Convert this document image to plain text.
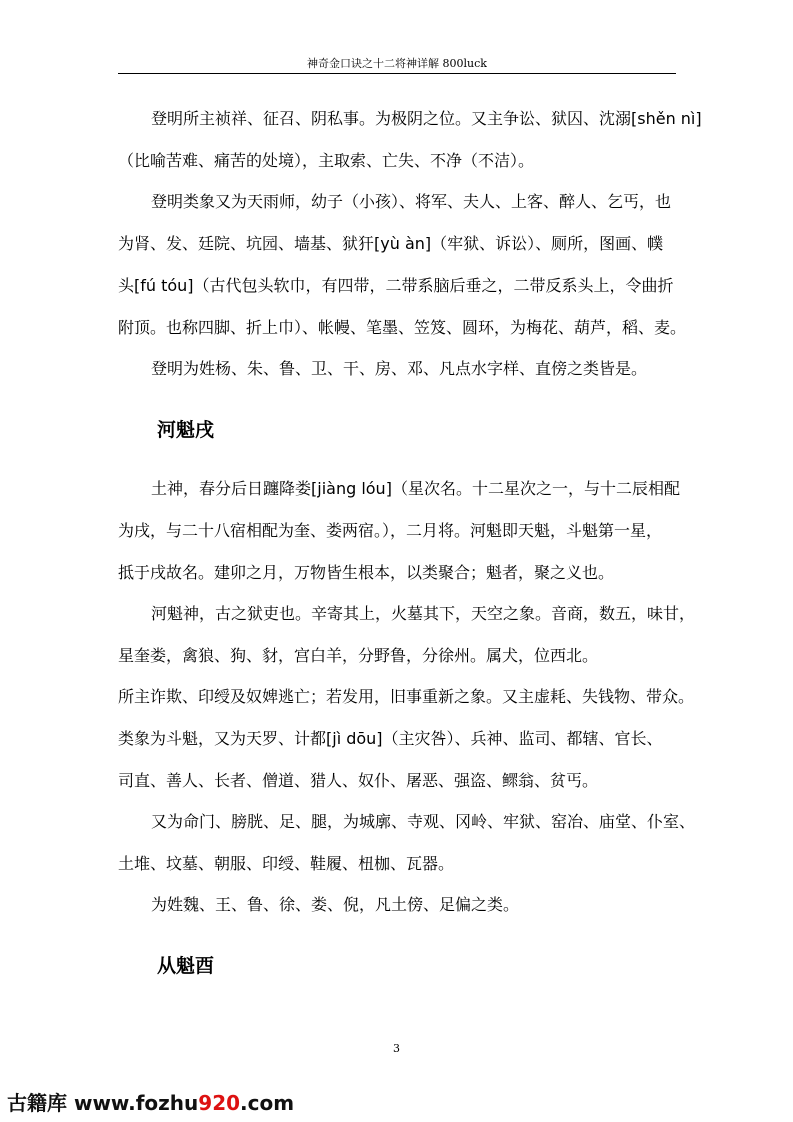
神奇金口诀之十二将神详解 800luck
登明所主祯祥、征召、阴私事。为极阴之位。又主争讼、狱囚、沈溺[shěn nì]
（比喻苦难、痛苦的处境），主取索、亡失、不净（不洁）。
登明类象又为天雨师，幼子（小孩）、将军、夫人、上客、醉人、乞丐，也
为肾、发、廷院、坑园、墙基、狱犴[yù àn]（牢狱、诉讼）、厕所，图画、幞
头[fú tóu]（古代包头软巾，有四带，二带系脑后垂之，二带反系头上，令曲折
附顶。也称四脚、折上巾）、帐幔、笔墨、笠笈、圆环，为梅花、葫芦，稻、麦。
登明为姓杨、朱、鲁、卫、干、房、邓、凡点水字样、直傍之类皆是。
河魁戌
土神，春分后日躔降娄[jiàng lóu]（星次名。十二星次之一，与十二辰相配
为戌，与二十八宿相配为奎、娄两宿。），二月将。河魁即天魁，斗魁第一星，
抵于戌故名。建卯之月，万物皆生根本，以类聚合；魁者，聚之义也。
河魁神，古之狱吏也。辛寄其上，火墓其下，天空之象。音商，数五，味甘，
星奎娄，禽狼、狗、豺，宫白羊，分野鲁，分徐州。属犬，位西北。
所主诈欺、印绶及奴婢逃亡；若发用，旧事重新之象。又主虚耗、失钱物、带众。
类象为斗魁，又为天罗、计都[jì dōu]（主灾咎）、兵神、监司、都辖、官长、
司直、善人、长者、僧道、猎人、奴仆、屠恶、强盗、鳏翁、贫丐。
又为命门、膀胱、足、腿，为城廓、寺观、冈岭、牢狱、窑冶、庙堂、仆室、
土堆、坟墓、朝服、印绶、鞋履、杻枷、瓦器。
为姓魏、王、鲁、徐、娄、倪，凡土傍、足偏之类。
从魁酉
3
古籍库 www.fozhu920.com
